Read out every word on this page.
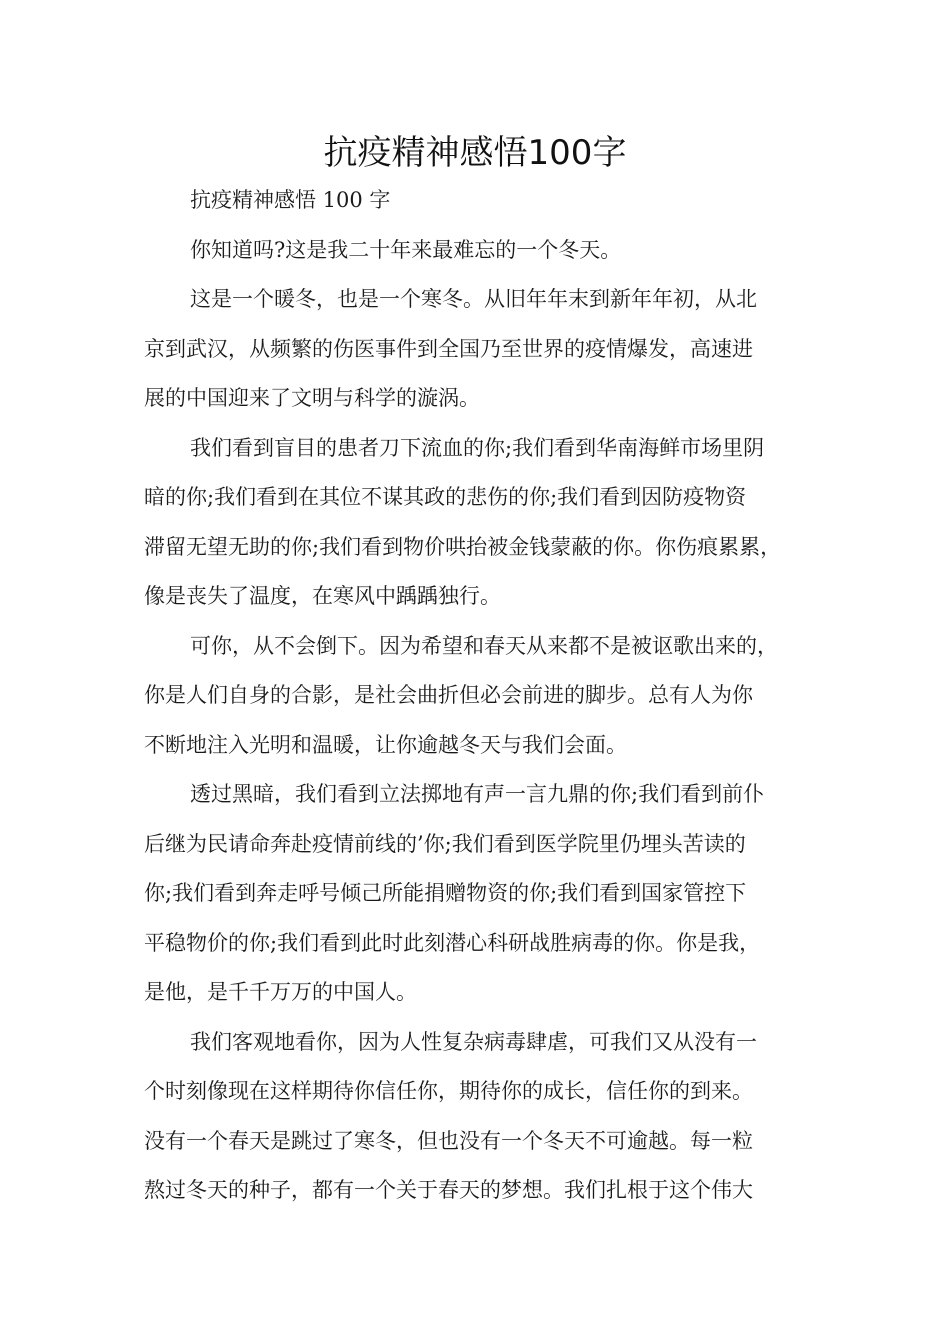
抗疫精神感悟100字
抗疫精神感悟 100 字
你知道吗?这是我二十年来最难忘的一个冬天。
这是一个暖冬，也是一个寒冬。从旧年年末到新年年初，从北
京到武汉，从频繁的伤医事件到全国乃至世界的疫情爆发，高速进
展的中国迎来了文明与科学的漩涡。
我们看到盲目的患者刀下流血的你;我们看到华南海鲜市场里阴
暗的你;我们看到在其位不谋其政的悲伤的你;我们看到因防疫物资
滞留无望无助的你;我们看到物价哄抬被金钱蒙蔽的你。你伤痕累累，
像是丧失了温度，在寒风中踽踽独行。
可你，从不会倒下。因为希望和春天从来都不是被讴歌出来的，
你是人们自身的合影，是社会曲折但必会前进的脚步。总有人为你
不断地注入光明和温暖，让你逾越冬天与我们会面。
透过黑暗，我们看到立法掷地有声一言九鼎的你;我们看到前仆
后继为民请命奔赴疫情前线的’你;我们看到医学院里仍埋头苦读的
你;我们看到奔走呼号倾己所能捐赠物资的你;我们看到国家管控下
平稳物价的你;我们看到此时此刻潜心科研战胜病毒的你。你是我，
是他，是千千万万的中国人。
我们客观地看你，因为人性复杂病毒肆虐，可我们又从没有一
个时刻像现在这样期待你信任你，期待你的成长，信任你的到来。
没有一个春天是跳过了寒冬，但也没有一个冬天不可逾越。每一粒
熬过冬天的种子，都有一个关于春天的梦想。我们扎根于这个伟大
